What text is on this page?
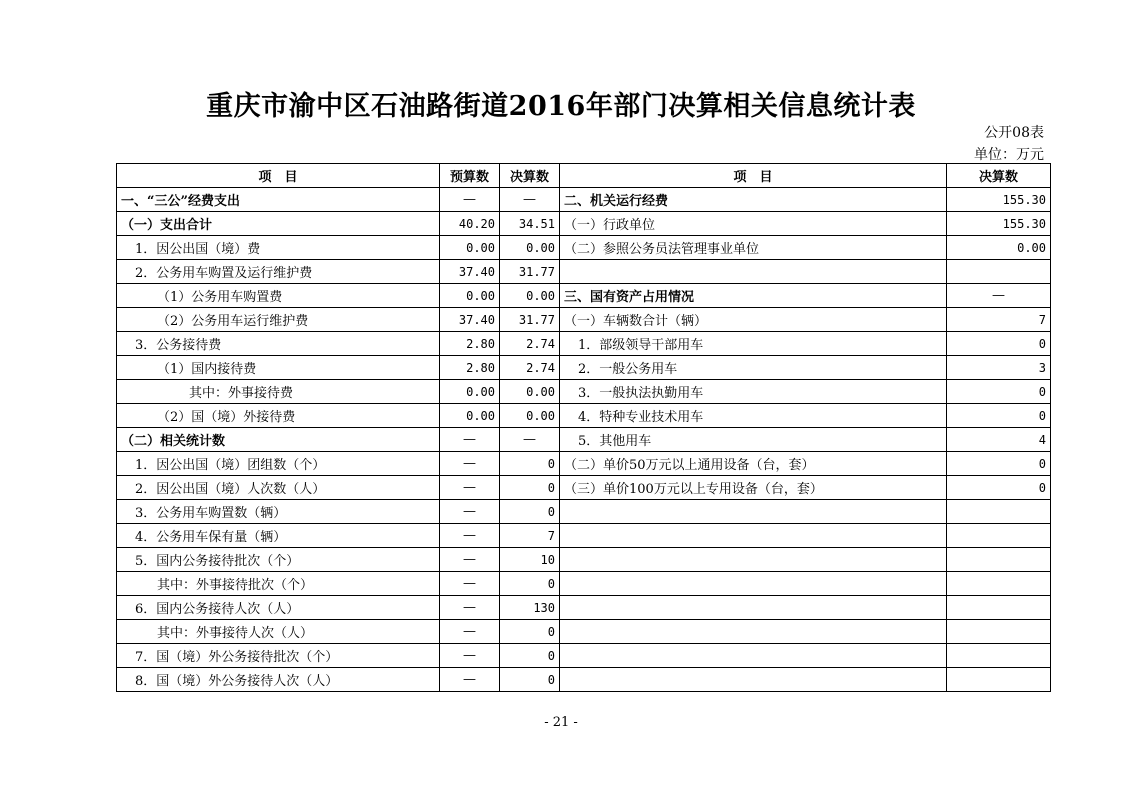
重庆市渝中区石油路街道2016年部门决算相关信息统计表
公开08表
单位：万元
项　目	预算数	决算数	项　目	决算数
一、“三公”经费支出	—	—	二、机关运行经费	155.30
（一）支出合计	40.20	34.51	（一）行政单位	155.30
1．因公出国（境）费	0.00	0.00	（二）参照公务员法管理事业单位	0.00
2．公务用车购置及运行维护费	37.40	31.77		
（1）公务用车购置费	0.00	0.00	三、国有资产占用情况	—
（2）公务用车运行维护费	37.40	31.77	（一）车辆数合计（辆）	7
3．公务接待费	2.80	2.74	1．部级领导干部用车	0
（1）国内接待费	2.80	2.74	2．一般公务用车	3
其中：外事接待费	0.00	0.00	3．一般执法执勤用车	0
（2）国（境）外接待费	0.00	0.00	4．特种专业技术用车	0
（二）相关统计数	—	—	5．其他用车	4
1．因公出国（境）团组数（个）	—	0	（二）单价50万元以上通用设备（台，套）	0
2．因公出国（境）人次数（人）	—	0	（三）单价100万元以上专用设备（台，套）	0
3．公务用车购置数（辆）	—	0		
4．公务用车保有量（辆）	—	7		
5．国内公务接待批次（个）	—	10		
其中：外事接待批次（个）	—	0		
6．国内公务接待人次（人）	—	130		
其中：外事接待人次（人）	—	0		
7．国（境）外公务接待批次（个）	—	0		
8．国（境）外公务接待人次（人）	—	0		
- 21 -
